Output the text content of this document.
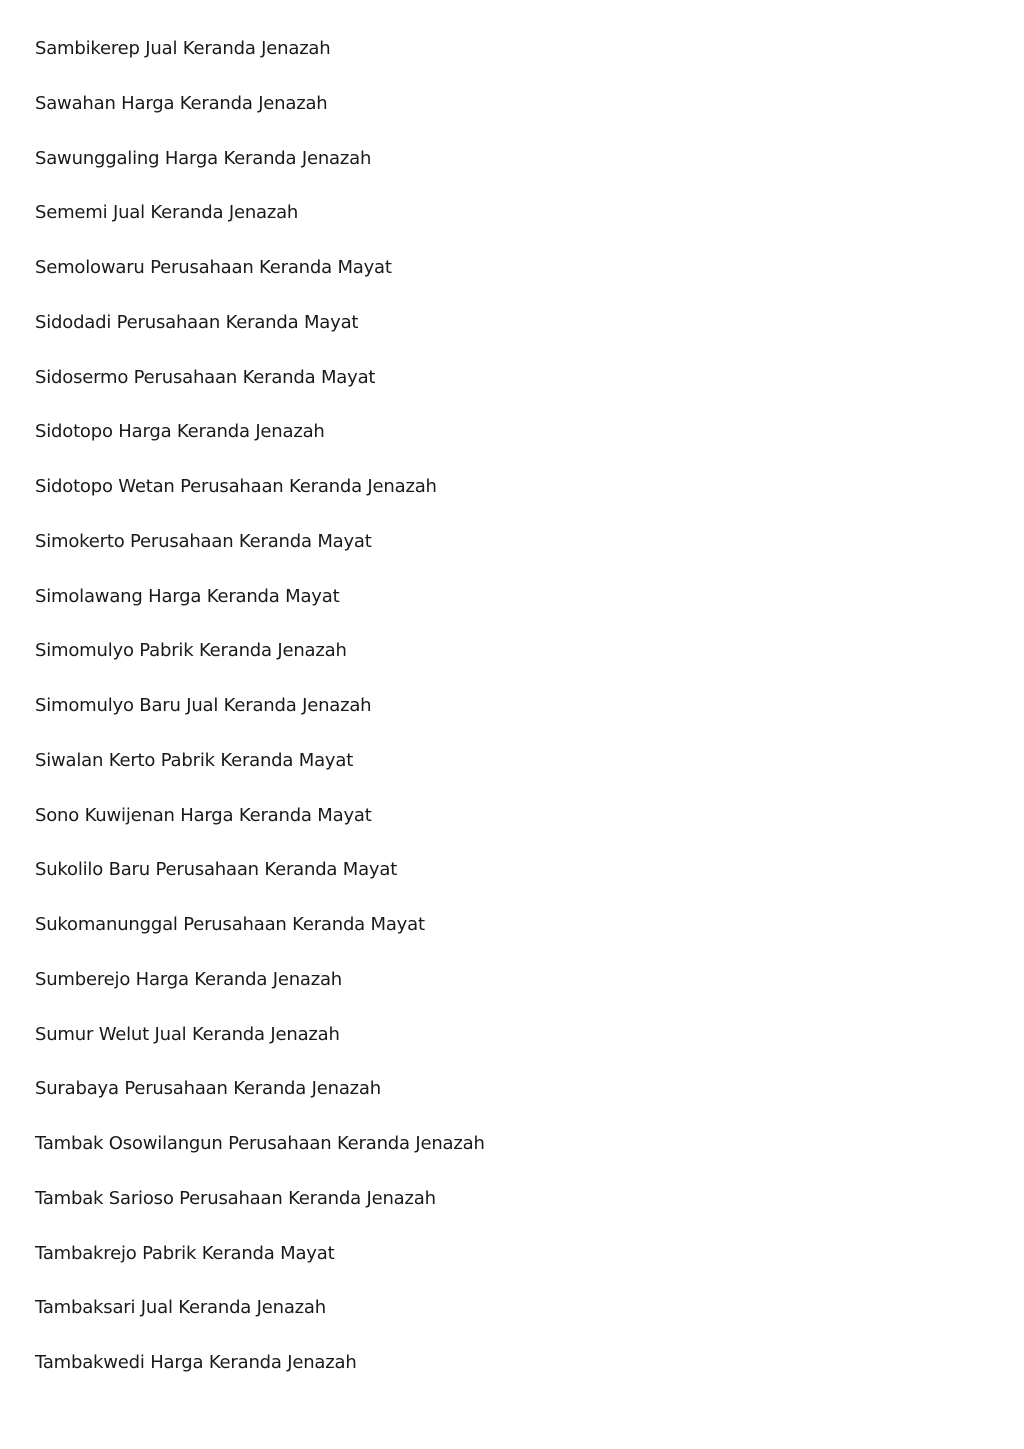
Sambikerep Jual Keranda Jenazah
Sawahan Harga Keranda Jenazah
Sawunggaling Harga Keranda Jenazah
Sememi Jual Keranda Jenazah
Semolowaru Perusahaan Keranda Mayat
Sidodadi Perusahaan Keranda Mayat
Sidosermo Perusahaan Keranda Mayat
Sidotopo Harga Keranda Jenazah
Sidotopo Wetan Perusahaan Keranda Jenazah
Simokerto Perusahaan Keranda Mayat
Simolawang Harga Keranda Mayat
Simomulyo Pabrik Keranda Jenazah
Simomulyo Baru Jual Keranda Jenazah
Siwalan Kerto Pabrik Keranda Mayat
Sono Kuwijenan Harga Keranda Mayat
Sukolilo Baru Perusahaan Keranda Mayat
Sukomanunggal Perusahaan Keranda Mayat
Sumberejo Harga Keranda Jenazah
Sumur Welut Jual Keranda Jenazah
Surabaya Perusahaan Keranda Jenazah
Tambak Osowilangun Perusahaan Keranda Jenazah
Tambak Sarioso Perusahaan Keranda Jenazah
Tambakrejo Pabrik Keranda Mayat
Tambaksari Jual Keranda Jenazah
Tambakwedi Harga Keranda Jenazah
